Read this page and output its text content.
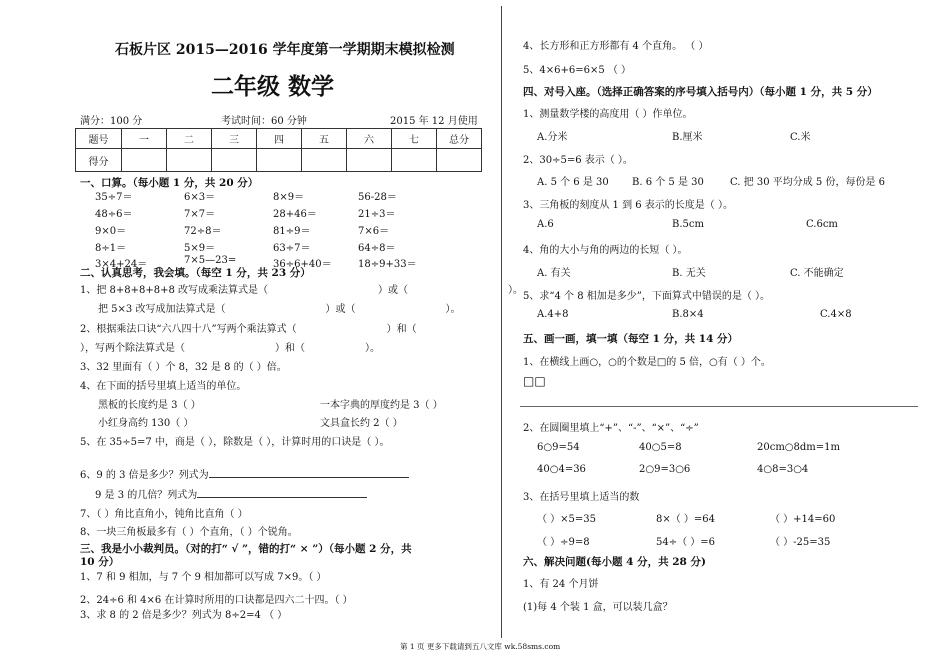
石板片区 2015—2016 学年度第一学期期末模拟检测
二年级 数学
满分：100 分	考试时间：60 分钟	2015 年 12 月使用
题号	一	二	三	四	五	六	七	总分
得分								
一、口算。（每小题 1 分，共 20 分）
二、认真思考，我会填。（每空 1 分，共 23 分）
1、把 8+8+8+8+8 改写成乘法算式是（	）或（	）。
把 5×3 改写成加法算式是（	）或（	）。
2、根据乘法口诀“六八四十八”写两个乘法算式（	）和（
），写两个除法算式是（	）和（	）。
3、32 里面有（ ）个 8，32 是 8 的（ ）倍。
4、在下面的括号里填上适当的单位。
黑板的长度约是 3（ ）	一本字典的厚度约是 3（ ）
小红身高约 130（ ）	文具盒长约 2（ ）
5、在 35÷5=7 中，商是（ ），除数是（ ），计算时用的口诀是（ ）。
6、9 的 3 倍是多少？列式为
9 是 3 的几倍？列式为
7、（ ）角比直角小，钝角比直角（ ）
8、一块三角板最多有（ ）个直角，（ ）个锐角。
三、我是小小裁判员。（对的打“ √ ”，错的打“ × ”）（每小题 2 分，共
10 分）
1、7 和 9 相加，与 7 个 9 相加都可以写成 7×9。（ ）
2、24÷6 和 4×6 在计算时所用的口诀都是四六二十四。（ ）
3、求 8 的 2 倍是多少？列式为 8÷2=4 （ ）
4、长方形和正方形都有 4 个直角。 （ ）
5、4×6+6=6×5 （ ）
四、对号入座。（选择正确答案的序号填入括号内）（每小题 1 分，共 5 分）
1、测量数学楼的高度用（ ）作单位。
A.分米	B.厘米	C.米
2、30÷5=6 表示（ ）。
A. 5 个 6 是 30 B. 6 个 5 是 30	C. 把 30 平均分成 5 份，每份是 6
3、三角板的刻度从 1 到 6 表示的长度是（ ）。
A.6	B.5cm	C.6cm
4、角的大小与角的两边的长短（ ）。
A. 有关	B. 无关	C. 不能确定
5、求“4 个 8 相加是多少”，下面算式中错误的是（ ）。
A.4+8	B.8×4	C.4×8
五、画一画，填一填（每空 1 分，共 14 分）
1、在横线上画○，○的个数是□的 5 倍，○有（ ）个。
□□
2、在圆圈里填上“+”、“-”、“×”、“÷”
3、在括号里填上适当的数
六、解决问题(每小题 4 分，共 28 分)
1、有 24 个月饼
(1)每 4 个装 1 盒，可以装几盒？
第 1 页 更多下载请到五八文库 wk.58sms.com
35÷7＝	6×3＝	8×9＝	56-28＝
48÷6＝	7×7＝	28+46＝	21÷3＝
9×0＝	72÷8＝	81÷9＝	7×6＝
8÷1＝	5×9＝	63÷7＝	64÷8＝
3×4+24＝	7×5—23=	36÷6+40＝	18÷9+33＝
6○9=54	40○5=8	20cm○8dm=1m
40○4=36	2○9=3○6	4○8=3○4
（ ）×5=35	8×（ ）=64	（ ）+14=60
（ ）÷9=8	54÷（ ）=6	（ ）-25=35
